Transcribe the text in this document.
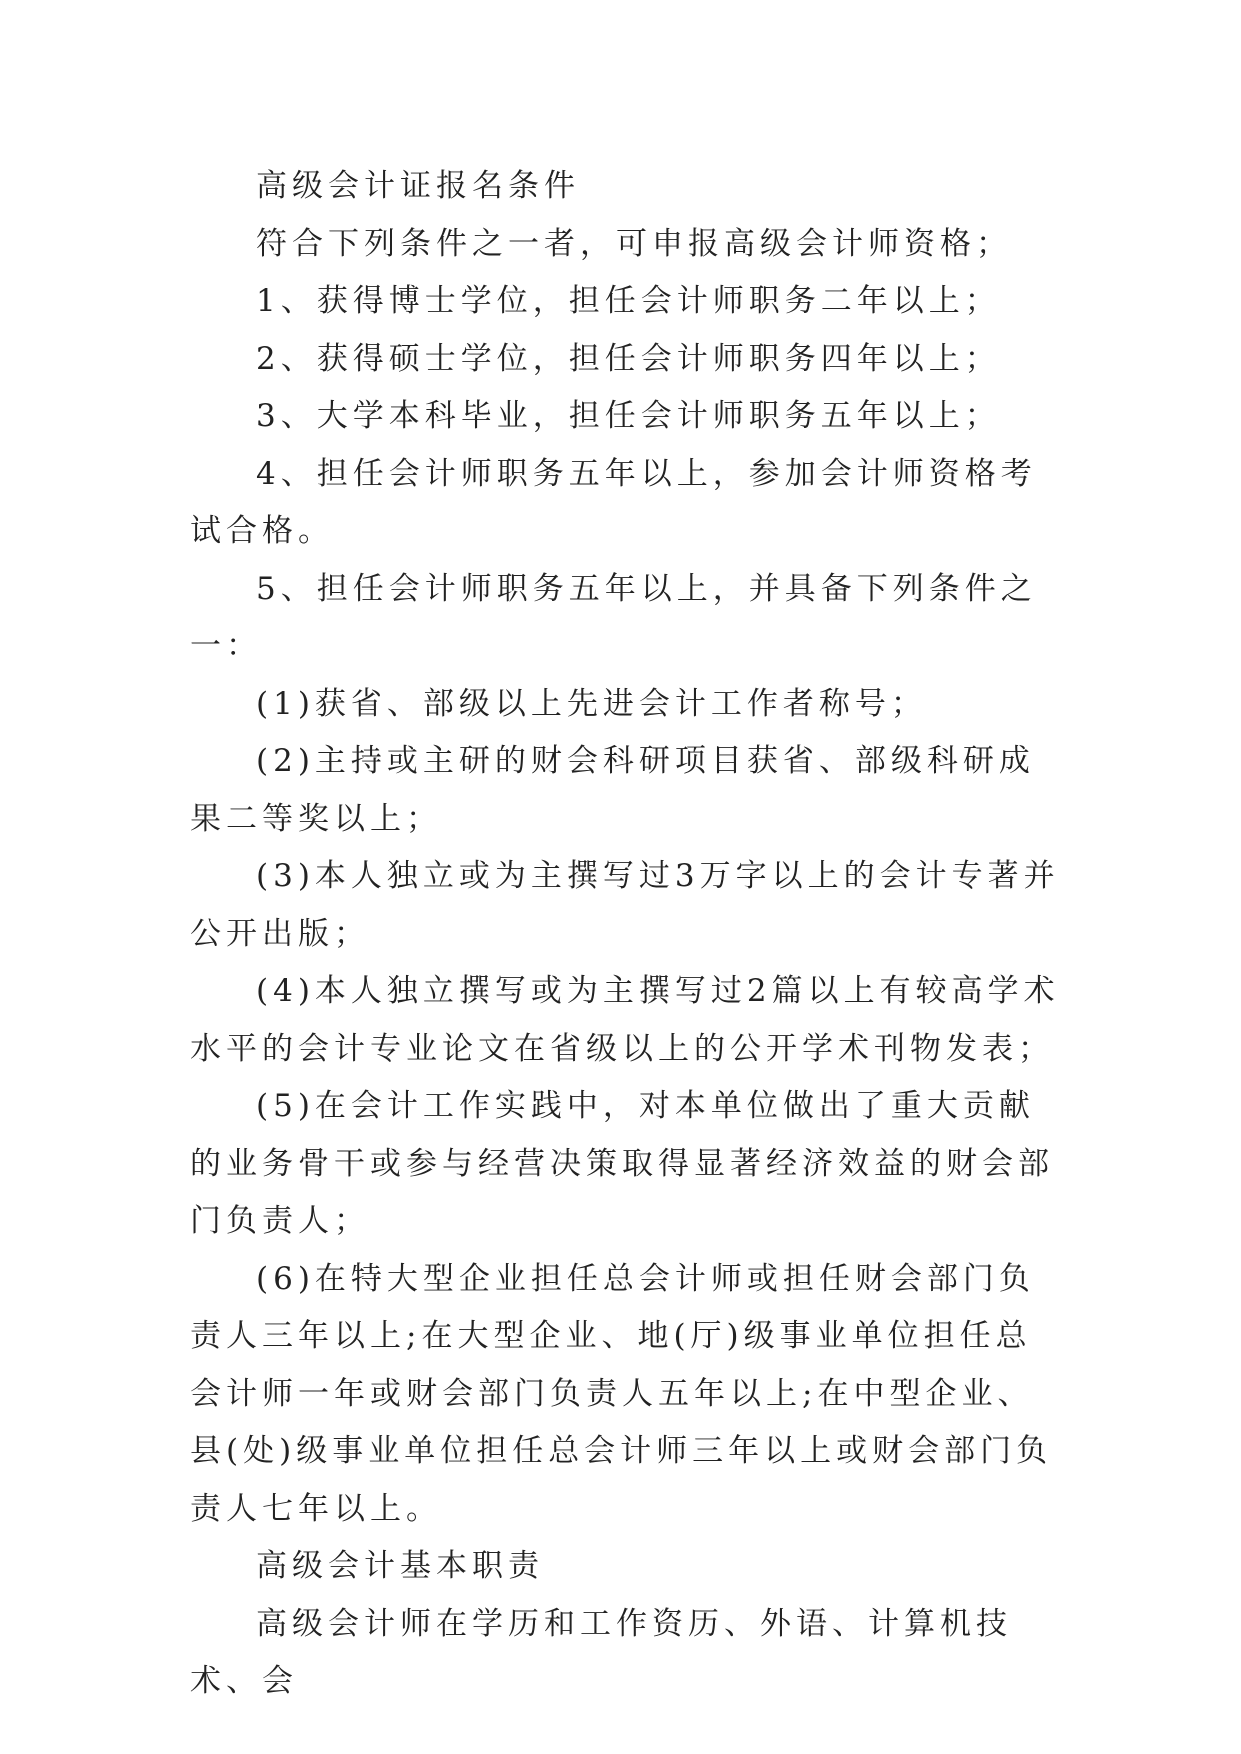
高级会计证报名条件

符合下列条件之一者，可申报高级会计师资格；

1、获得博士学位，担任会计师职务二年以上；

2、获得硕士学位，担任会计师职务四年以上；

3、大学本科毕业，担任会计师职务五年以上；

4、担任会计师职务五年以上，参加会计师资格考试合格。

5、担任会计师职务五年以上，并具备下列条件之一：

(1)获省、部级以上先进会计工作者称号；

(2)主持或主研的财会科研项目获省、部级科研成果二等奖以上；

(3)本人独立或为主撰写过3万字以上的会计专著并公开出版；

(4)本人独立撰写或为主撰写过2篇以上有较高学术水平的会计专业论文在省级以上的公开学术刊物发表；

(5)在会计工作实践中，对本单位做出了重大贡献的业务骨干或参与经营决策取得显著经济效益的财会部门负责人；

(6)在特大型企业担任总会计师或担任财会部门负责人三年以上;在大型企业、地(厅)级事业单位担任总会计师一年或财会部门负责人五年以上;在中型企业、县(处)级事业单位担任总会计师三年以上或财会部门负责人七年以上。

高级会计基本职责

高级会计师在学历和工作资历、外语、计算机技术、会
